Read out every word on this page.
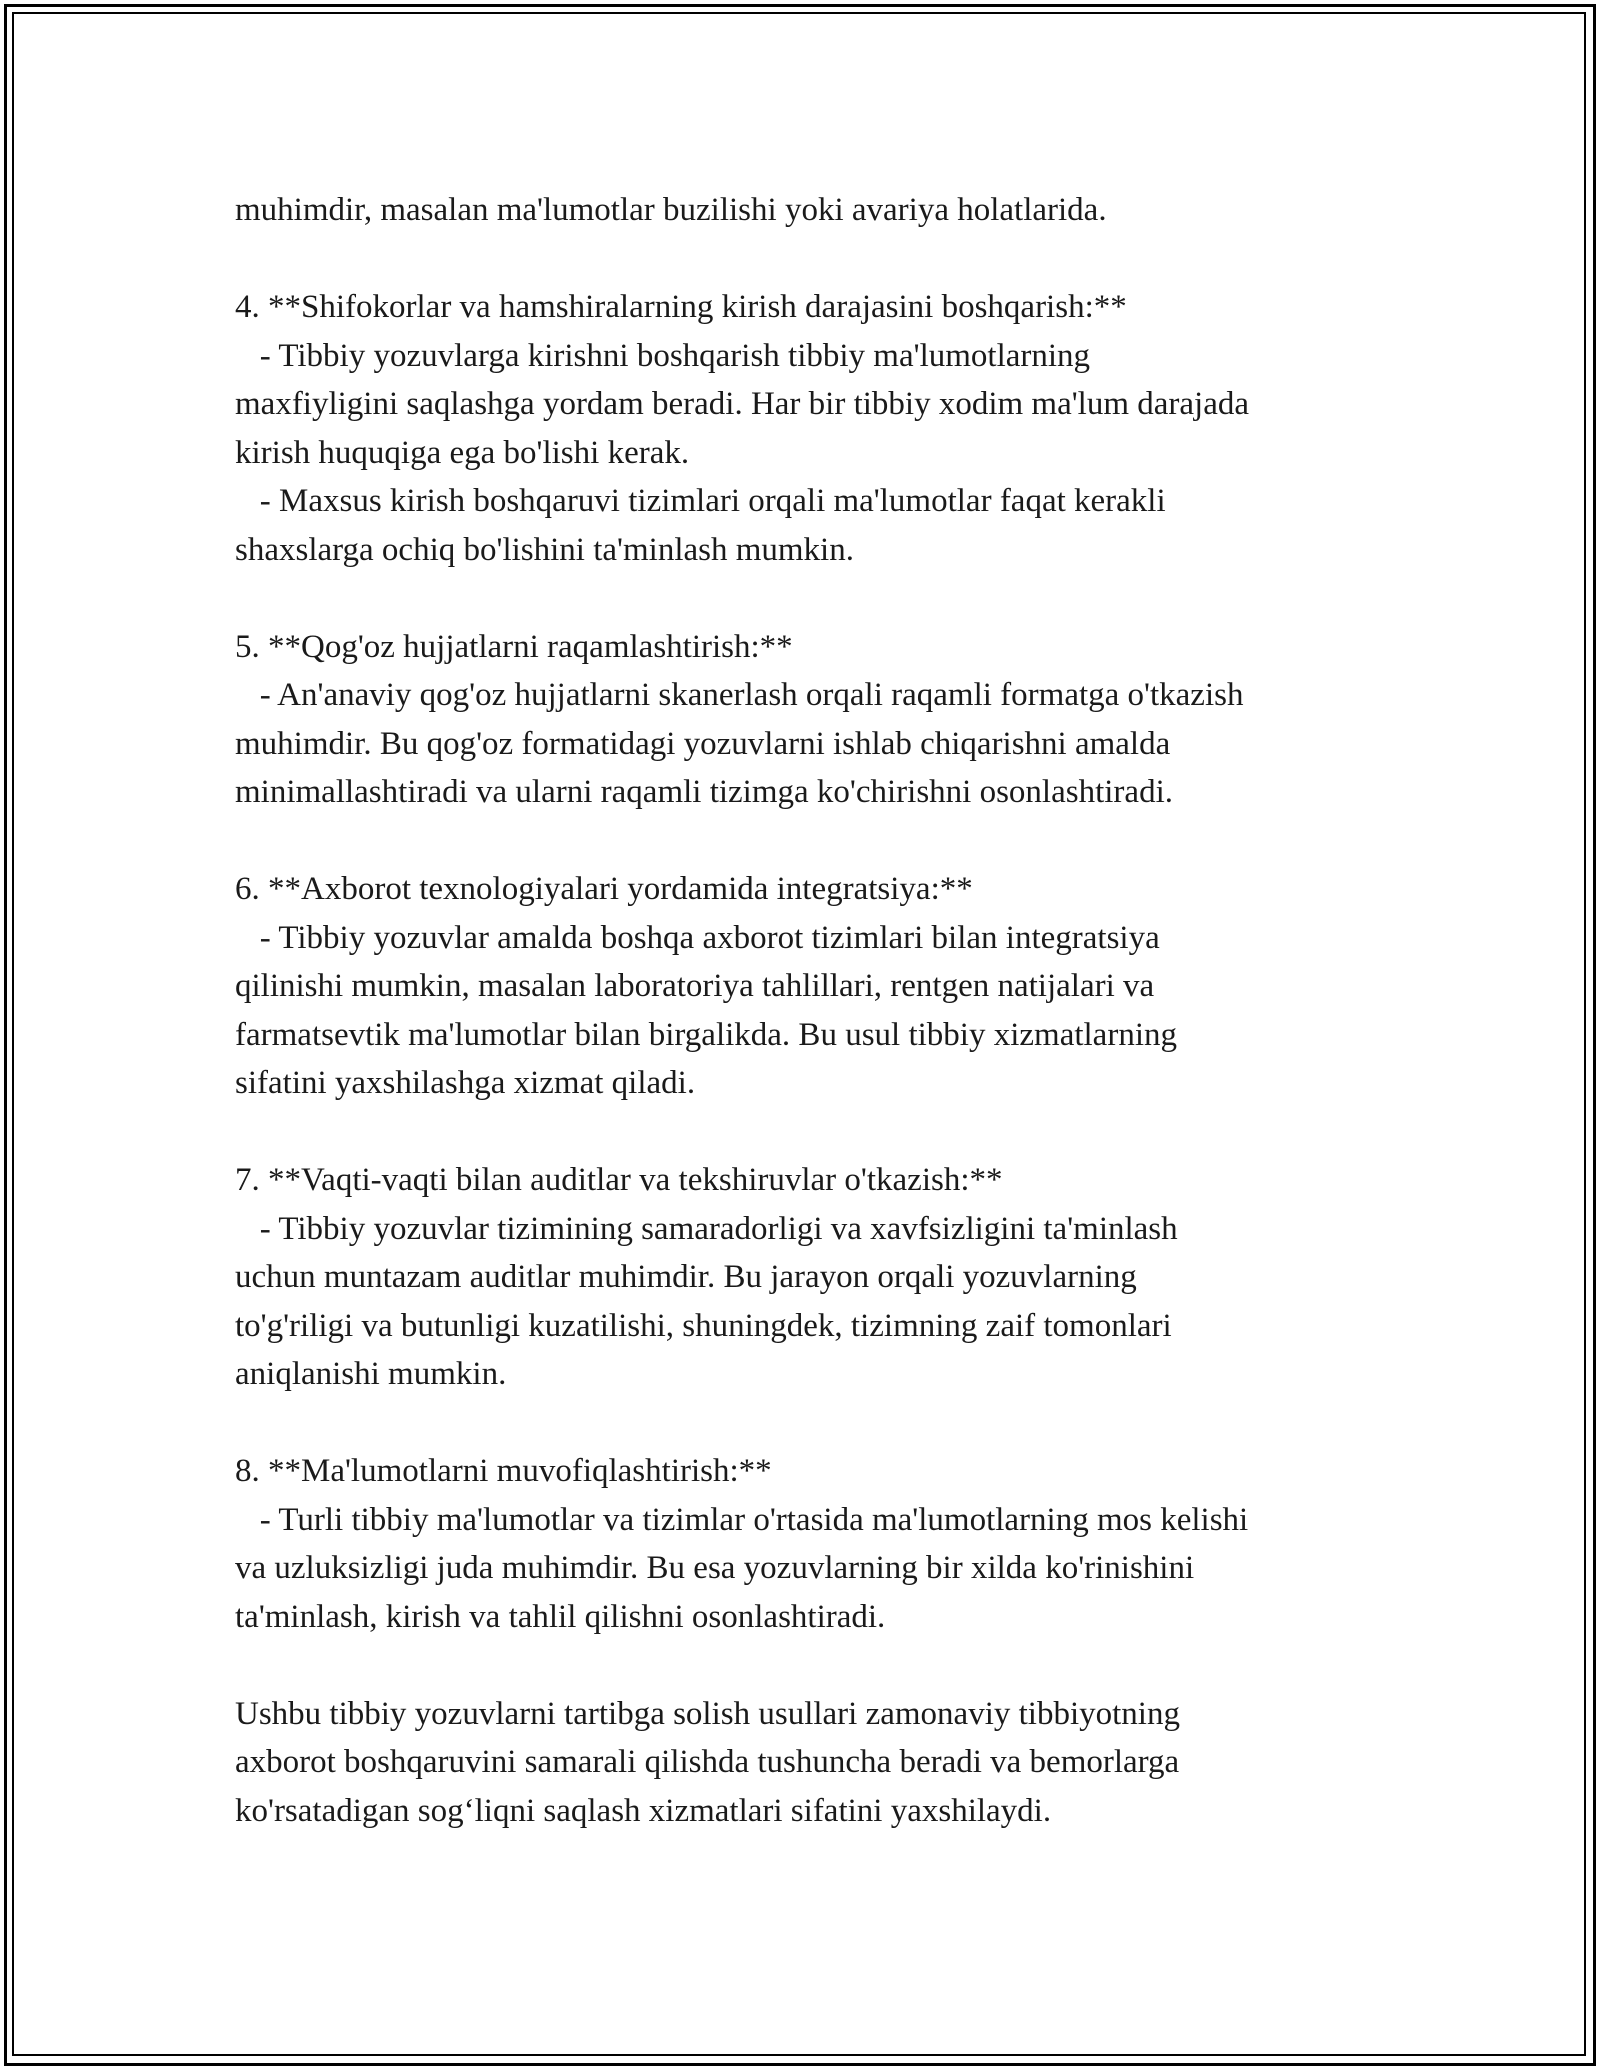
muhimdir, masalan ma'lumotlar buzilishi yoki avariya holatlarida.
4. **Shifokorlar va hamshiralarning kirish darajasini boshqarish:**
- Tibbiy yozuvlarga kirishni boshqarish tibbiy ma'lumotlarning
maxfiyligini saqlashga yordam beradi. Har bir tibbiy xodim ma'lum darajada
kirish huquqiga ega bo'lishi kerak.
- Maxsus kirish boshqaruvi tizimlari orqali ma'lumotlar faqat kerakli
shaxslarga ochiq bo'lishini ta'minlash mumkin.
5. **Qog'oz hujjatlarni raqamlashtirish:**
- An'anaviy qog'oz hujjatlarni skanerlash orqali raqamli formatga o'tkazish
muhimdir. Bu qog'oz formatidagi yozuvlarni ishlab chiqarishni amalda
minimallashtiradi va ularni raqamli tizimga ko'chirishni osonlashtiradi.
6. **Axborot texnologiyalari yordamida integratsiya:**
- Tibbiy yozuvlar amalda boshqa axborot tizimlari bilan integratsiya
qilinishi mumkin, masalan laboratoriya tahlillari, rentgen natijalari va
farmatsevtik ma'lumotlar bilan birgalikda. Bu usul tibbiy xizmatlarning
sifatini yaxshilashga xizmat qiladi.
7. **Vaqti-vaqti bilan auditlar va tekshiruvlar o'tkazish:**
- Tibbiy yozuvlar tizimining samaradorligi va xavfsizligini ta'minlash
uchun muntazam auditlar muhimdir. Bu jarayon orqali yozuvlarning
to'g'riligi va butunligi kuzatilishi, shuningdek, tizimning zaif tomonlari
aniqlanishi mumkin.
8. **Ma'lumotlarni muvofiqlashtirish:**
- Turli tibbiy ma'lumotlar va tizimlar o'rtasida ma'lumotlarning mos kelishi
va uzluksizligi juda muhimdir. Bu esa yozuvlarning bir xilda ko'rinishini
ta'minlash, kirish va tahlil qilishni osonlashtiradi.
Ushbu tibbiy yozuvlarni tartibga solish usullari zamonaviy tibbiyotning
axborot boshqaruvini samarali qilishda tushuncha beradi va bemorlarga
ko'rsatadigan sog‘liqni saqlash xizmatlari sifatini yaxshilaydi.
